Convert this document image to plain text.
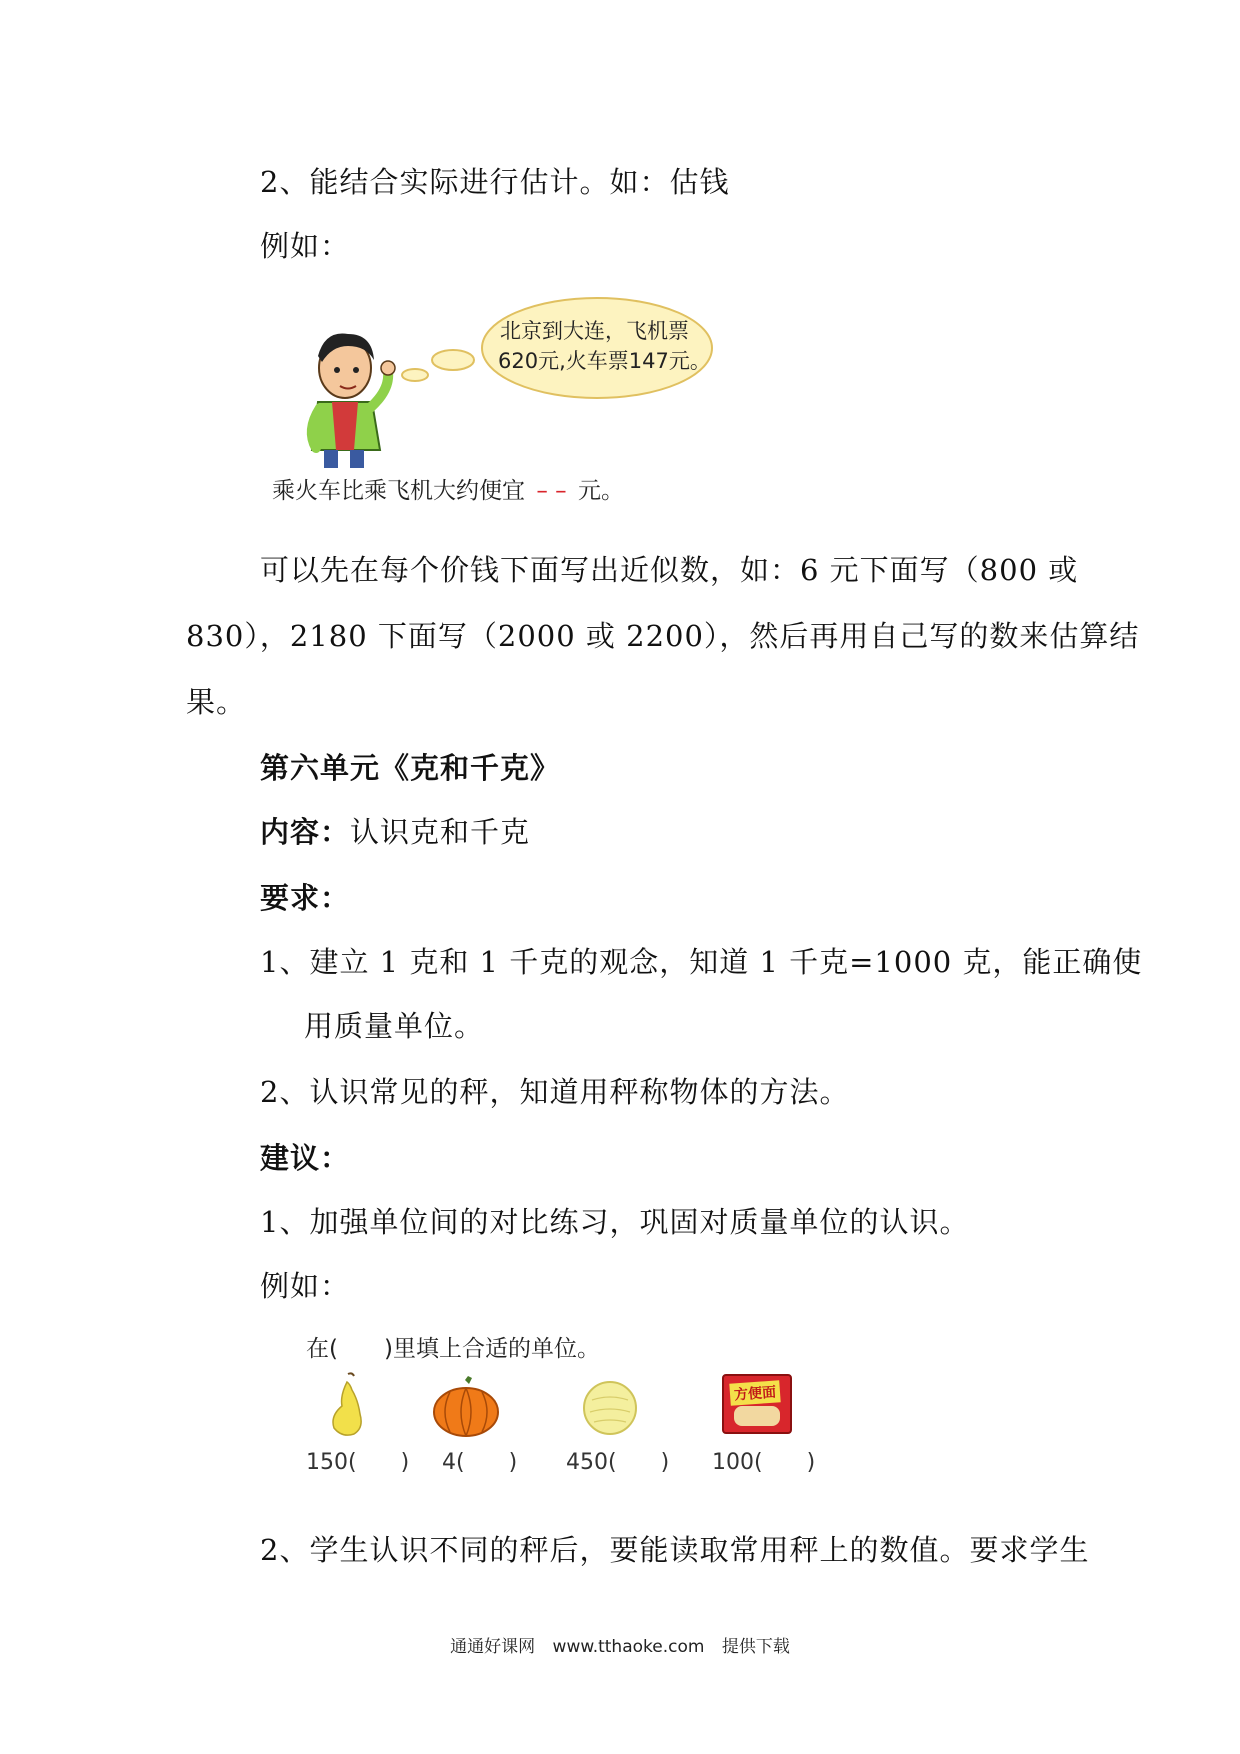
2、能结合实际进行估计。如：估钱
例如：
北京到大连，飞机票
620元,火车票147元。
乘火车比乘飞机大约便宜 – – 元。
可以先在每个价钱下面写出近似数，如：6 元下面写（800 或
830），2180 下面写（2000 或 2200），然后再用自己写的数来估算结
果。
第六单元《克和千克》
内容：认识克和千克
要求：
1、建立 1 克和 1 千克的观念，知道 1 千克=1000 克，能正确使
用质量单位。
2、认识常见的秤，知道用秤称物体的方法。
建议：
1、加强单位间的对比练习，巩固对质量单位的认识。
例如：
在(　　)里填上合适的单位。
150(　　) 4(　　) 450(　　)
方便面
100(　　)
2、学生认识不同的秤后，要能读取常用秤上的数值。要求学生
通通好课网 www.tthaoke.com 提供下载
